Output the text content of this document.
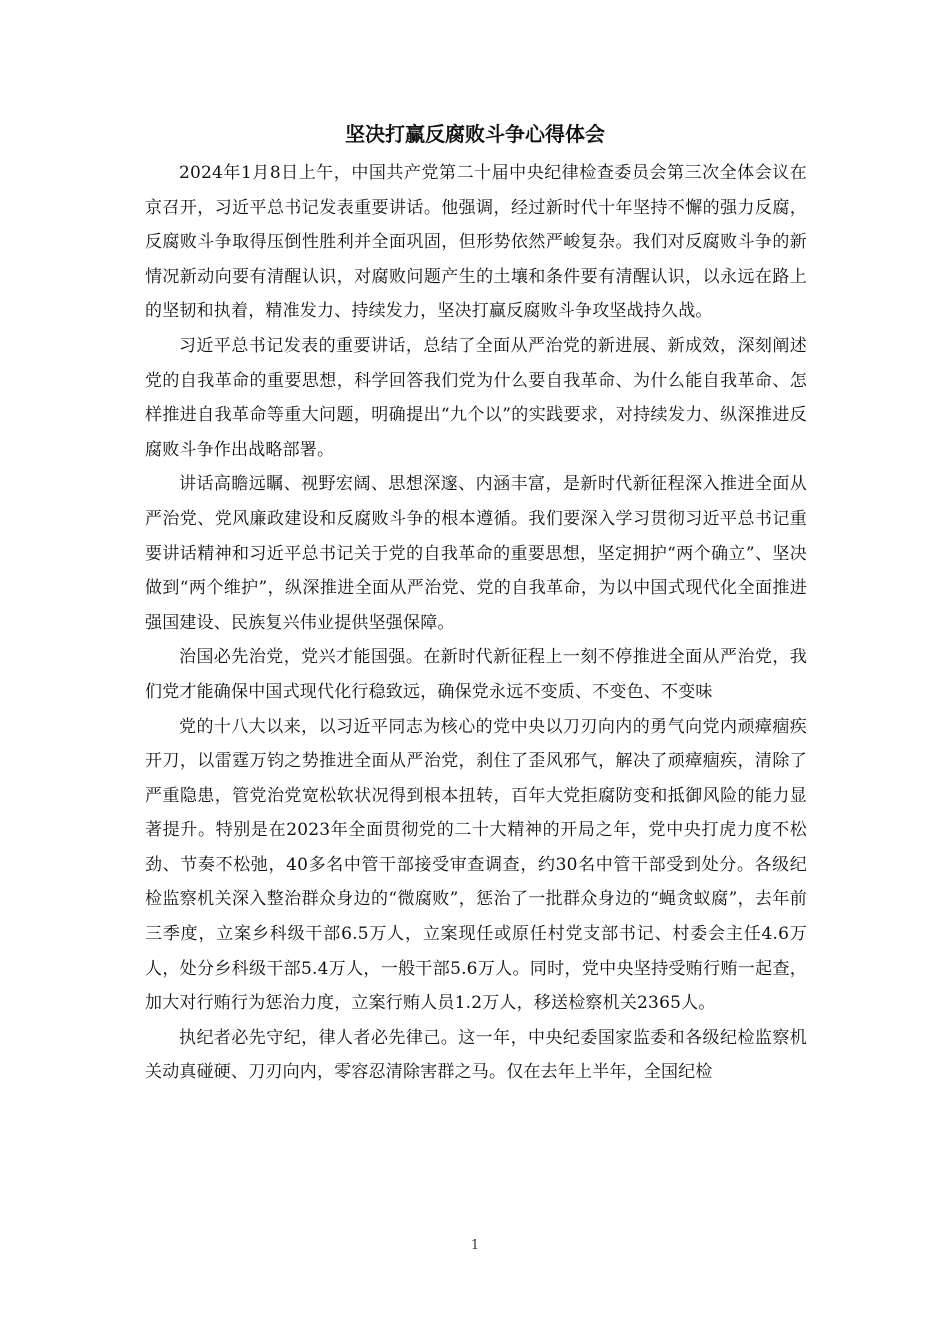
坚决打赢反腐败斗争心得体会

2024年1月8日上午，中国共产党第二十届中央纪律检查委员会第三次全体会议在京召开，习近平总书记发表重要讲话。他强调，经过新时代十年坚持不懈的强力反腐，反腐败斗争取得压倒性胜利并全面巩固，但形势依然严峻复杂。我们对反腐败斗争的新情况新动向要有清醒认识，对腐败问题产生的土壤和条件要有清醒认识，以永远在路上的坚韧和执着，精准发力、持续发力，坚决打赢反腐败斗争攻坚战持久战。

习近平总书记发表的重要讲话，总结了全面从严治党的新进展、新成效，深刻阐述党的自我革命的重要思想，科学回答我们党为什么要自我革命、为什么能自我革命、怎样推进自我革命等重大问题，明确提出“九个以”的实践要求，对持续发力、纵深推进反腐败斗争作出战略部署。

讲话高瞻远瞩、视野宏阔、思想深邃、内涵丰富，是新时代新征程深入推进全面从严治党、党风廉政建设和反腐败斗争的根本遵循。我们要深入学习贯彻习近平总书记重要讲话精神和习近平总书记关于党的自我革命的重要思想，坚定拥护“两个确立”、坚决做到“两个维护”，纵深推进全面从严治党、党的自我革命，为以中国式现代化全面推进强国建设、民族复兴伟业提供坚强保障。

治国必先治党，党兴才能国强。在新时代新征程上一刻不停推进全面从严治党，我们党才能确保中国式现代化行稳致远，确保党永远不变质、不变色、不变味

党的十八大以来，以习近平同志为核心的党中央以刀刃向内的勇气向党内顽瘴痼疾开刀，以雷霆万钧之势推进全面从严治党，刹住了歪风邪气，解决了顽瘴痼疾，清除了严重隐患，管党治党宽松软状况得到根本扭转，百年大党拒腐防变和抵御风险的能力显著提升。特别是在2023年全面贯彻党的二十大精神的开局之年，党中央打虎力度不松劲、节奏不松弛，40多名中管干部接受审查调查，约30名中管干部受到处分。各级纪检监察机关深入整治群众身边的“微腐败”，惩治了一批群众身边的“蝇贪蚁腐”，去年前三季度，立案乡科级干部6.5万人，立案现任或原任村党支部书记、村委会主任4.6万人，处分乡科级干部5.4万人，一般干部5.6万人。同时，党中央坚持受贿行贿一起查，加大对行贿行为惩治力度，立案行贿人员1.2万人，移送检察机关2365人。

执纪者必先守纪，律人者必先律己。这一年，中央纪委国家监委和各级纪检监察机关动真碰硬、刀刃向内，零容忍清除害群之马。仅在去年上半年，全国纪检

1
